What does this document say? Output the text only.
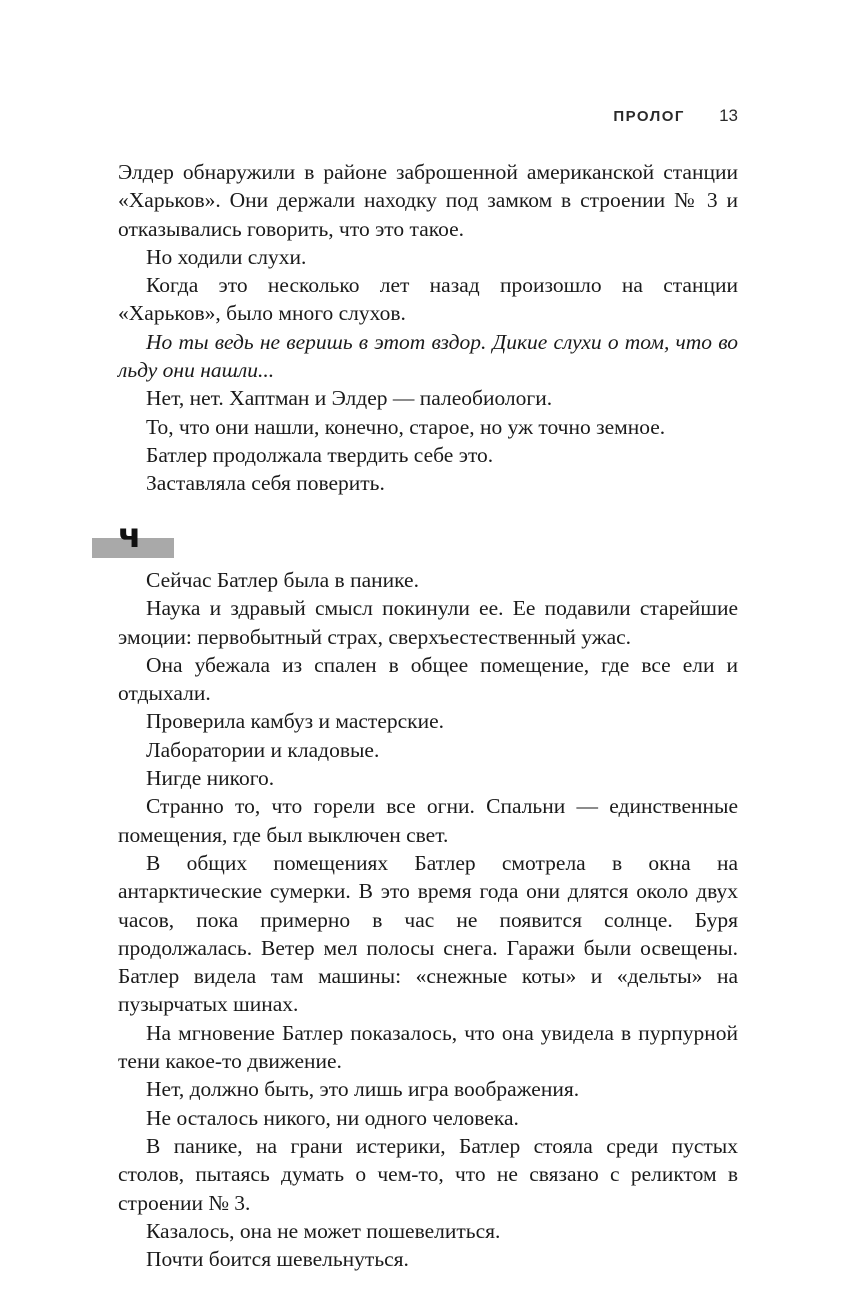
ПРОЛОГ 13

Элдер обнаружили в районе заброшенной американской станции «Харьков». Они держали находку под замком в строении № 3 и отказывались говорить, что это такое.

Но ходили слухи.

Когда это несколько лет назад произошло на станции «Харьков», было много слухов.

Но ты ведь не веришь в этот вздор. Дикие слухи о том, что во льду они нашли...

Нет, нет. Хаптман и Элдер — палеобиологи.

То, что они нашли, конечно, старое, но уж точно земное.

Батлер продолжала твердить себе это.

Заставляла себя поверить.

ч

Сейчас Батлер была в панике.

Наука и здравый смысл покинули ее. Ее подавили старейшие эмоции: первобытный страх, сверхъестественный ужас.

Она убежала из спален в общее помещение, где все ели и отдыхали.

Проверила камбуз и мастерские.

Лаборатории и кладовые.

Нигде никого.

Странно то, что горели все огни. Спальни — единственные помещения, где был выключен свет.

В общих помещениях Батлер смотрела в окна на антарктические сумерки. В это время года они длятся около двух часов, пока примерно в час не появится солнце. Буря продолжалась. Ветер мел полосы снега. Гаражи были освещены. Батлер видела там машины: «снежные коты» и «дельты» на пузырчатых шинах.

На мгновение Батлер показалось, что она увидела в пурпурной тени какое-то движение.

Нет, должно быть, это лишь игра воображения.

Не осталось никого, ни одного человека.

В панике, на грани истерики, Батлер стояла среди пустых столов, пытаясь думать о чем-то, что не связано с реликтом в строении № 3.

Казалось, она не может пошевелиться.

Почти боится шевельнуться.
